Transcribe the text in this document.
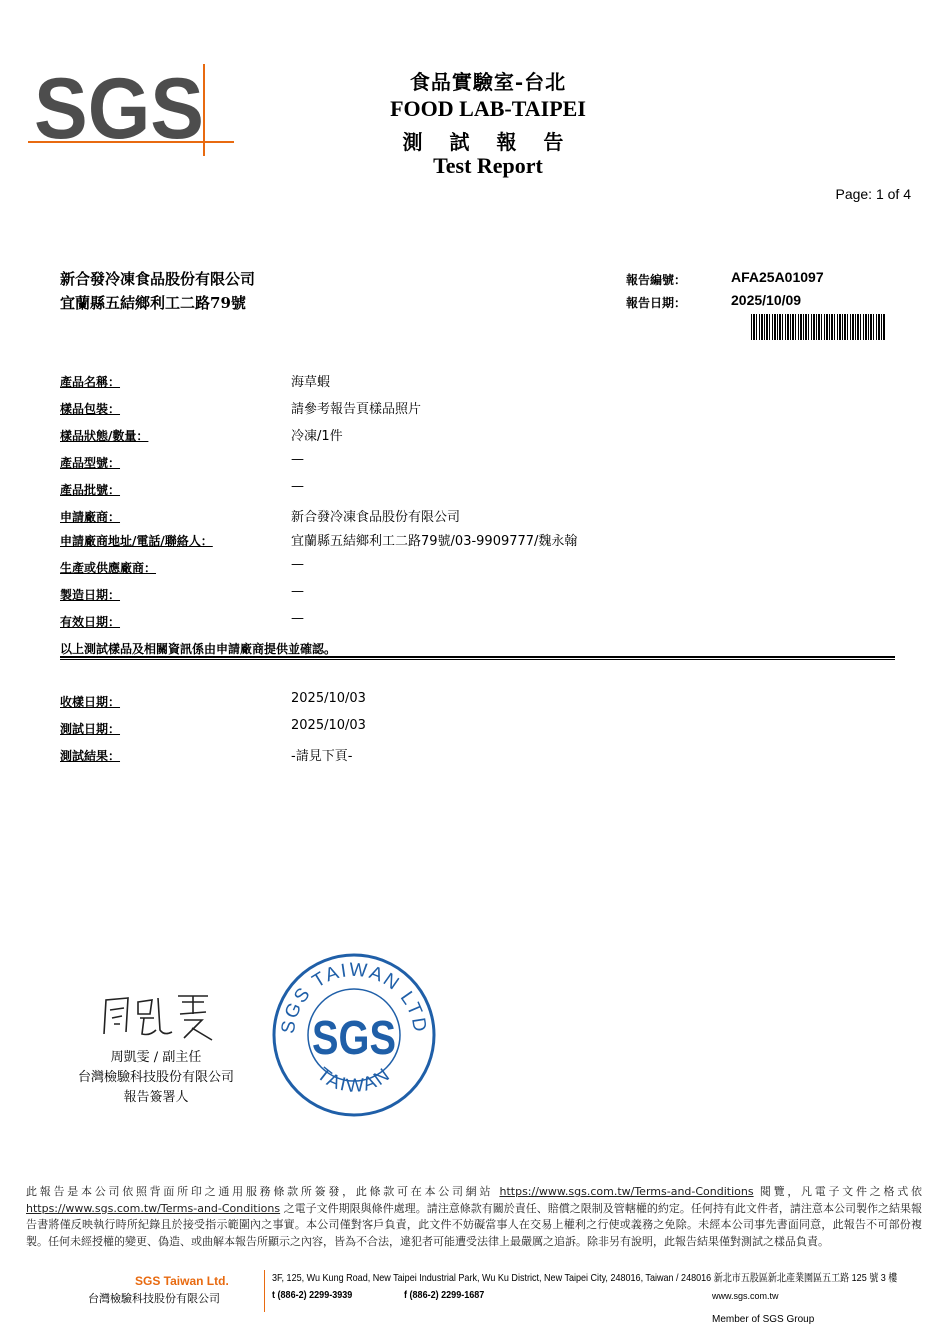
SGS	食品實驗室-台北
FOOD LAB-TAIPEI
測 試 報 告
Test Report
Page: 1 of 4
新合發冷凍食品股份有限公司
宜蘭縣五結鄉利工二路79號
報告編號：	AFA25A01097
報告日期：	2025/10/09
產品名稱：	海草蝦
樣品包裝：	請參考報告頁樣品照片
樣品狀態/數量：	冷凍/1件
產品型號：	—
產品批號：	—
申請廠商：	新合發冷凍食品股份有限公司
申請廠商地址/電話/聯絡人：	宜蘭縣五結鄉利工二路79號/03-9909777/魏永翰
生產或供應廠商：	—
製造日期：	—
有效日期：	—
以上測試樣品及相關資訊係由申請廠商提供並確認。
收樣日期：	2025/10/03
測試日期：	2025/10/03
測試結果：	-請見下頁-
周凱雯 / 副主任
台灣檢驗科技股份有限公司
報告簽署人
SGS TAIWAN LTD
TAIWAN
SGS
此報告是本公司依照背面所印之通用服務條款所簽發，此條款可在本公司網站 https://www.sgs.com.tw/Terms-and-Conditions 閱覽，凡電子文件之格式依 https://www.sgs.com.tw/Terms-and-Conditions 之電子文件期限與條件處理。請注意條款有關於責任、賠償之限制及管轄權的約定。任何持有此文件者，請注意本公司製作之結果報告書將僅反映執行時所紀錄且於接受指示範圍內之事實。本公司僅對客戶負責，此文件不妨礙當事人在交易上權利之行使或義務之免除。未經本公司事先書面同意，此報告不可部份複製。任何未經授權的變更、偽造、或曲解本報告所顯示之內容，皆為不合法，違犯者可能遭受法律上最嚴厲之追訴。除非另有說明，此報告結果僅對測試之樣品負責。
SGS Taiwan Ltd.
台灣檢驗科技股份有限公司
3F, 125, Wu Kung Road, New Taipei Industrial Park, Wu Ku District, New Taipei City, 248016, Taiwan / 248016 新北市五股區新北產業園區五工路 125 號 3 樓
t (886-2) 2299-3939	f (886-2) 2299-1687	www.sgs.com.tw
Member of SGS Group
